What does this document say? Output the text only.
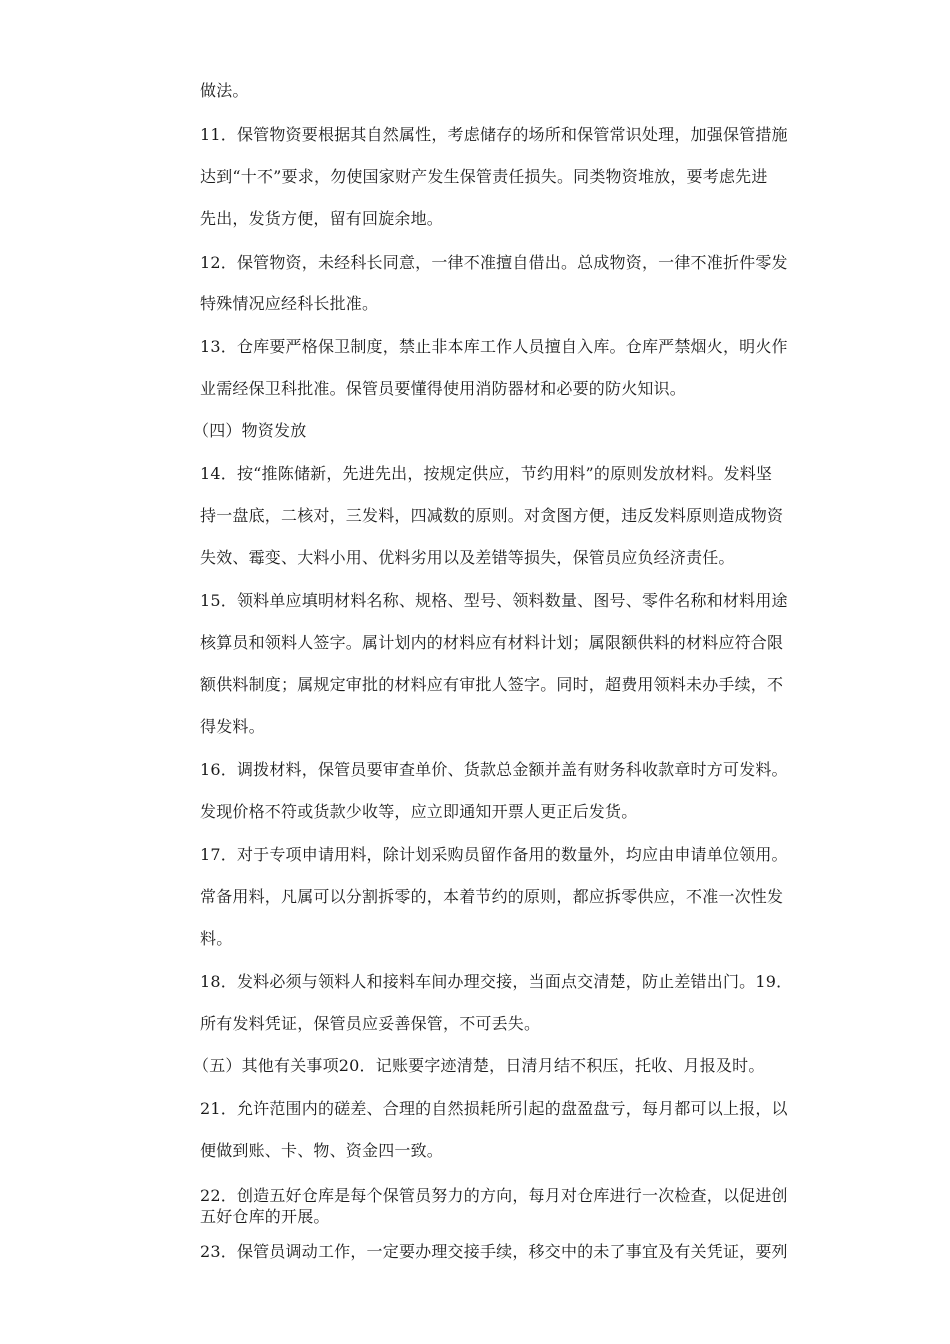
做法。
11．保管物资要根据其自然属性，考虑储存的场所和保管常识处理，加强保管措施
达到“十不”要求，勿使国家财产发生保管责任损失。同类物资堆放，要考虑先进
先出，发货方便，留有回旋余地。
12．保管物资，未经科长同意，一律不准擅自借出。总成物资，一律不准折件零发
特殊情况应经科长批准。
13．仓库要严格保卫制度，禁止非本库工作人员擅自入库。仓库严禁烟火，明火作
业需经保卫科批准。保管员要懂得使用消防器材和必要的防火知识。
（四）物资发放
14．按“推陈储新，先进先出，按规定供应，节约用料”的原则发放材料。发料坚
持一盘底，二核对，三发料，四减数的原则。对贪图方便，违反发料原则造成物资
失效、霉变、大料小用、优料劣用以及差错等损失，保管员应负经济责任。
15．领料单应填明材料名称、规格、型号、领料数量、图号、零件名称和材料用途
核算员和领料人签字。属计划内的材料应有材料计划；属限额供料的材料应符合限
额供料制度；属规定审批的材料应有审批人签字。同时，超费用领料未办手续，不
得发料。
16．调拨材料，保管员要审查单价、货款总金额并盖有财务科收款章时方可发料。
发现价格不符或货款少收等，应立即通知开票人更正后发货。
17．对于专项申请用料，除计划采购员留作备用的数量外，均应由申请单位领用。
常备用料，凡属可以分割拆零的，本着节约的原则，都应拆零供应，不准一次性发
料。
18．发料必须与领料人和接料车间办理交接，当面点交清楚，防止差错出门。19．
所有发料凭证，保管员应妥善保管，不可丢失。
（五）其他有关事项20．记账要字迹清楚，日清月结不积压，托收、月报及时。
21．允许范围内的磋差、合理的自然损耗所引起的盘盈盘亏，每月都可以上报，以
便做到账、卡、物、资金四一致。
22．创造五好仓库是每个保管员努力的方向，每月对仓库进行一次检查，以促进创
五好仓库的开展。
23．保管员调动工作，一定要办理交接手续，移交中的未了事宜及有关凭证，要列
